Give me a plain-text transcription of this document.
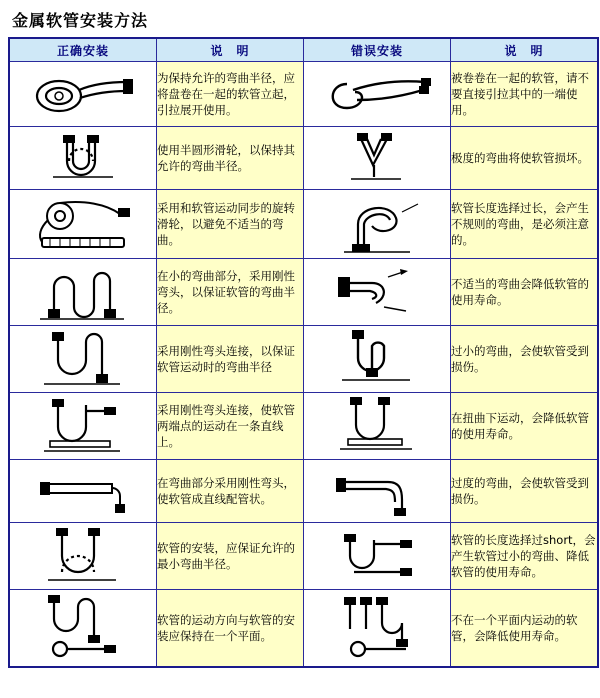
金属软管安装方法
正确安装	说　明	错误安装	说　明

	为保持允许的弯曲半径，应将盘卷在一起的软管立起，引拉展开使用。		被卷卷在一起的软管，请不要直接引拉其中的一端使用。

	使用半圆形滑轮，以保持其允许的弯曲半径。		极度的弯曲将使软管损坏。

	采用和软管运动同步的旋转滑轮，以避免不适当的弯曲。		软管长度选择过长，会产生不规则的弯曲，是必须注意的。

	在小的弯曲部分，采用刚性弯头，以保证软管的弯曲半径。		不适当的弯曲会降低软管的使用寿命。

	采用刚性弯头连接，以保证软管运动时的弯曲半径		过小的弯曲，会使软管受到损伤。

	采用刚性弯头连接，使软管两端点的运动在一条直线上。		在扭曲下运动，会降低软管的使用寿命。

	在弯曲部分采用刚性弯头，使软管成直线配管状。		过度的弯曲，会使软管受到损伤。

	软管的安装，应保证允许的最小弯曲半径。		软管的长度选择过short，会产生软管过小的弯曲、降低软管的使用寿命。

	软管的运动方向与软管的安装应保持在一个平面。		不在一个平面内运动的软管，会降低使用寿命。
